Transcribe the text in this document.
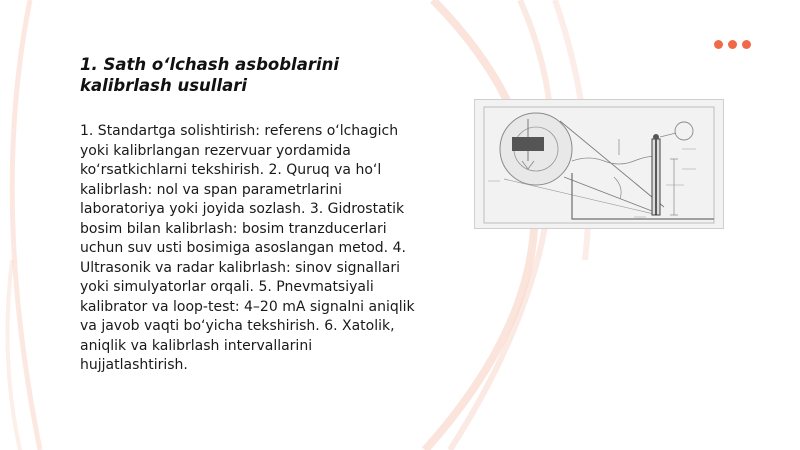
1. Sath o‘lchash asboblarini kalibrlash usullari

1. Standartga solishtirish: referens o‘lchagich yoki kalibrlangan rezervuar yordamida ko‘rsatkichlarni tekshirish. 2. Quruq va ho‘l kalibrlash: nol va span parametrlarini laboratoriya yoki joyida sozlash. 3. Gidrostatik bosim bilan kalibrlash: bosim tranzducerlari uchun suv usti bosimiga asoslangan metod. 4. Ultrasonik va radar kalibrlash: sinov signallari yoki simulyatorlar orqali. 5. Pnevmatsiyali kalibrator va loop-test: 4–20 mA signalni aniqlik va javob vaqti bo‘yicha tekshirish. 6. Xatolik, aniqlik va kalibrlash intervallarini hujjatlashtirish.
